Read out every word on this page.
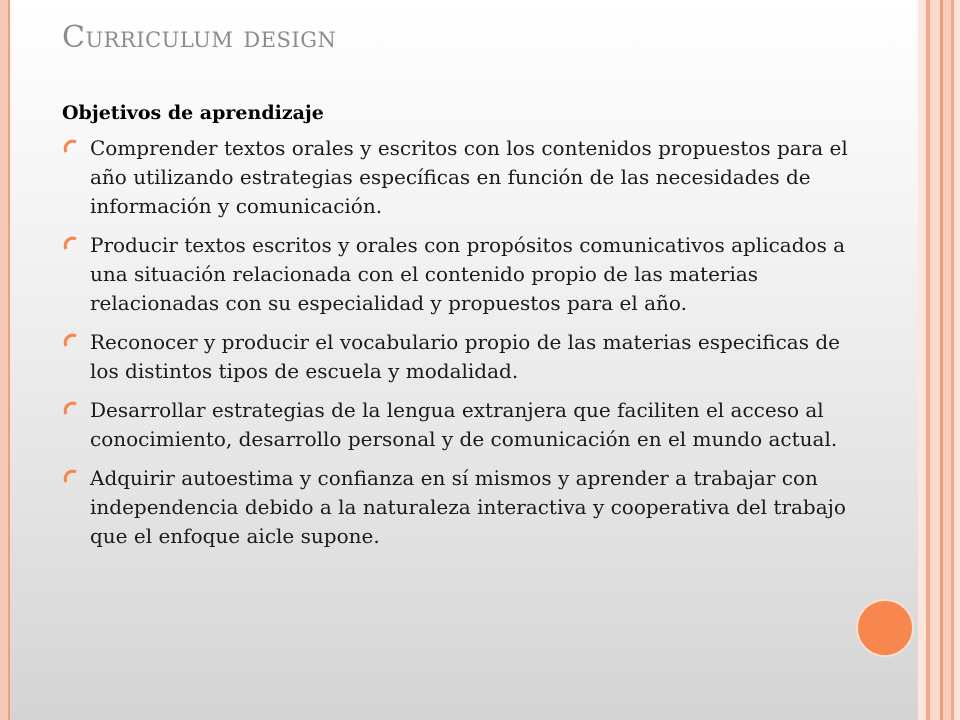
Curriculum design
Objetivos de aprendizaje
Comprender textos orales y escritos con los contenidos propuestos para el año utilizando estrategias específicas en función de las necesidades de información y comunicación.
Producir textos escritos y orales con propósitos comunicativos aplicados a una situación relacionada con el contenido propio de las materias relacionadas con su especialidad y propuestos para el año.
Reconocer y producir el vocabulario propio de las materias especificas de los distintos tipos de escuela y modalidad.
Desarrollar estrategias de la lengua extranjera que faciliten el acceso al conocimiento, desarrollo personal y de comunicación en el mundo actual.
Adquirir autoestima y confianza en sí mismos y aprender a trabajar con independencia debido a la naturaleza interactiva y cooperativa del trabajo que el enfoque aicle supone.
